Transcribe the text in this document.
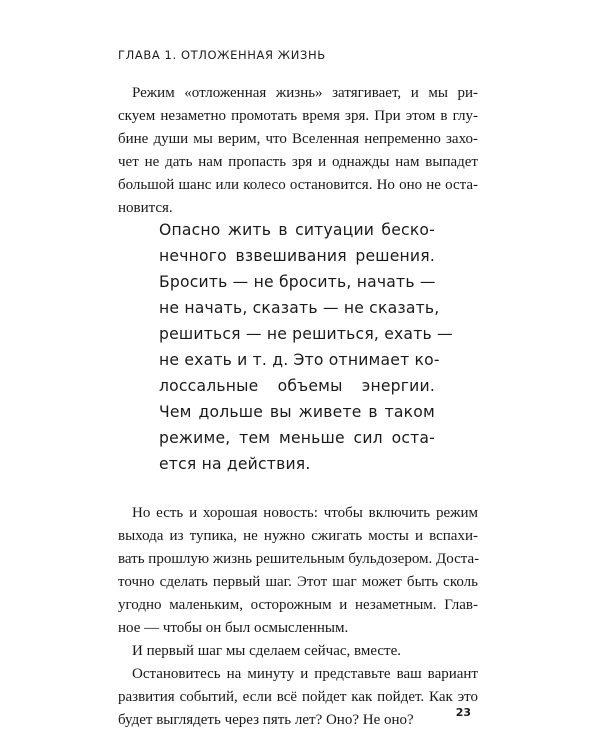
ГЛАВА 1. ОТЛОЖЕННАЯ ЖИЗНЬ
Режим «отложенная жизнь» затягивает, и мы ри-
скуем незаметно промотать время зря. При этом в глу-
бине души мы верим, что Вселенная непременно захо-
чет не дать нам пропасть зря и однажды нам выпадет
большой шанс или колесо остановится. Но оно не оста-
новится.
Опасно жить в ситуации беско-
нечного взвешивания решения.
Бросить — не бросить, начать —
не начать, сказать — не сказать,
решиться — не решиться, ехать —
не ехать и т. д. Это отнимает ко-
лоссальные объемы энергии.
Чем дольше вы живете в таком
режиме, тем меньше сил оста-
ется на действия.
Но есть и хорошая новость: чтобы включить режим
выхода из тупика, не нужно сжигать мосты и вспахи-
вать прошлую жизнь решительным бульдозером. Доста-
точно сделать первый шаг. Этот шаг может быть сколь
угодно маленьким, осторожным и незаметным. Глав-
ное — чтобы он был осмысленным.
И первый шаг мы сделаем сейчас, вместе.
Остановитесь на минуту и представьте ваш вариант
развития событий, если всё пойдет как пойдет. Как это
будет выглядеть через пять лет? Оно? Не оно?	23
